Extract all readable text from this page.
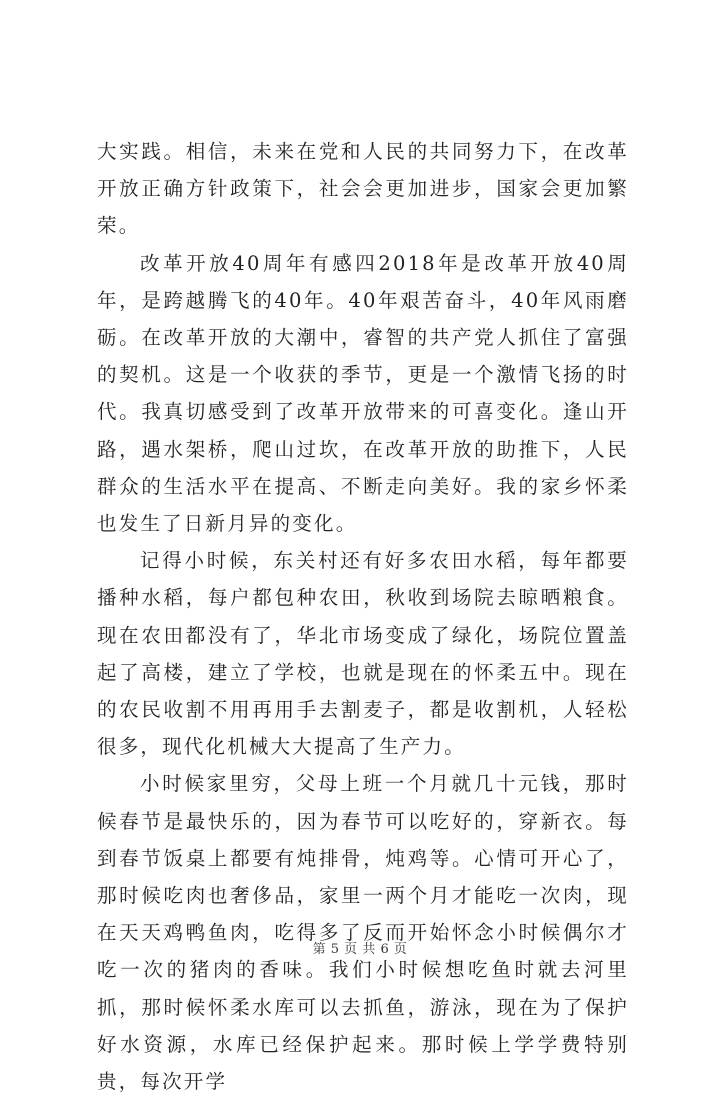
大实践。相信，未来在党和人民的共同努力下，在改革开放正确方针政策下，社会会更加进步，国家会更加繁荣。

改革开放40周年有感四2018年是改革开放40周年，是跨越腾飞的40年。40年艰苦奋斗，40年风雨磨砺。在改革开放的大潮中，睿智的共产党人抓住了富强的契机。这是一个收获的季节，更是一个激情飞扬的时代。我真切感受到了改革开放带来的可喜变化。逢山开路，遇水架桥，爬山过坎，在改革开放的助推下，人民群众的生活水平在提高、不断走向美好。我的家乡怀柔也发生了日新月异的变化。

记得小时候，东关村还有好多农田水稻，每年都要播种水稻，每户都包种农田，秋收到场院去晾晒粮食。现在农田都没有了，华北市场变成了绿化，场院位置盖起了高楼，建立了学校，也就是现在的怀柔五中。现在的农民收割不用再用手去割麦子，都是收割机，人轻松很多，现代化机械大大提高了生产力。

小时候家里穷，父母上班一个月就几十元钱，那时候春节是最快乐的，因为春节可以吃好的，穿新衣。每到春节饭桌上都要有炖排骨，炖鸡等。心情可开心了，那时候吃肉也奢侈品，家里一两个月才能吃一次肉，现在天天鸡鸭鱼肉，吃得多了反而开始怀念小时候偶尔才吃一次的猪肉的香味。我们小时候想吃鱼时就去河里抓，那时候怀柔水库可以去抓鱼，游泳，现在为了保护好水资源，水库已经保护起来。那时候上学学费特别贵，每次开学

第 5 页 共 6 页
